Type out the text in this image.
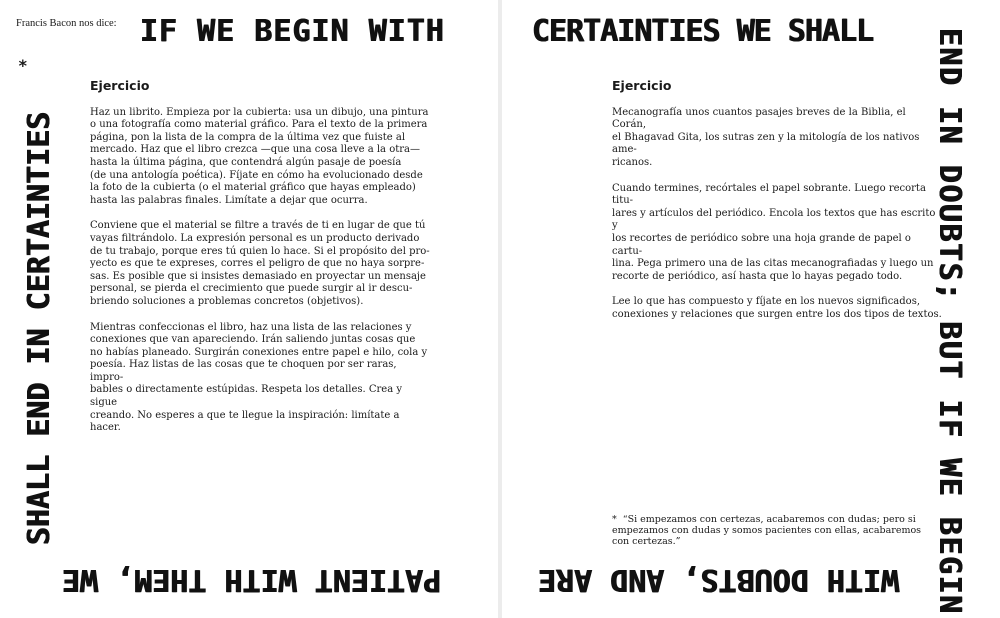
Francis Bacon nos dice: IF WE BEGIN WITH	CERTAINTIES WE SHALL END IN DOUBTS; BUT IF WE BEGIN
WITH DOUBTS, AND ARE
PATIENT WITH THEM, WE
SHALL END IN CERTAINTIES
*
Ejercicio

Haz un librito. Empieza por la cubierta: usa un dibujo, una pintura
o una fotografía como material gráfico. Para el texto de la primera
página, pon la lista de la compra de la última vez que fuiste al
mercado. Haz que el libro crezca —que una cosa lleve a la otra—
hasta la última página, que contendrá algún pasaje de poesía
(de una antología poética). Fíjate en cómo ha evolucionado desde
la foto de la cubierta (o el material gráfico que hayas empleado)
hasta las palabras finales. Limítate a dejar que ocurra.

Conviene que el material se filtre a través de ti en lugar de que tú
vayas filtrándolo. La expresión personal es un producto derivado
de tu trabajo, porque eres tú quien lo hace. Si el propósito del pro-
yecto es que te expreses, corres el peligro de que no haya sorpre-
sas. Es posible que si insistes demasiado en proyectar un mensaje
personal, se pierda el crecimiento que puede surgir al ir descu-
briendo soluciones a problemas concretos (objetivos).

Mientras confeccionas el libro, haz una lista de las relaciones y
conexiones que van apareciendo. Irán saliendo juntas cosas que
no habías planeado. Surgirán conexiones entre papel e hilo, cola y
poesía. Haz listas de las cosas que te choquen por ser raras, impro-
bables o directamente estúpidas. Respeta los detalles. Crea y sigue
creando. No esperes a que te llegue la inspiración: limítate a hacer.

Ejercicio

Mecanografía unos cuantos pasajes breves de la Biblia, el Corán,
el Bhagavad Gita, los sutras zen y la mitología de los nativos ame-
ricanos.

Cuando termines, recórtales el papel sobrante. Luego recorta titu-
lares y artículos del periódico. Encola los textos que has escrito y
los recortes de periódico sobre una hoja grande de papel o cartu-
lina. Pega primero una de las citas mecanografiadas y luego un
recorte de periódico, así hasta que lo hayas pegado todo.

Lee lo que has compuesto y fíjate en los nuevos significados,
conexiones y relaciones que surgen entre los dos tipos de textos.

* “Si empezamos con certezas, acabaremos con dudas; pero si
empezamos con dudas y somos pacientes con ellas, acabaremos
con certezas.”
